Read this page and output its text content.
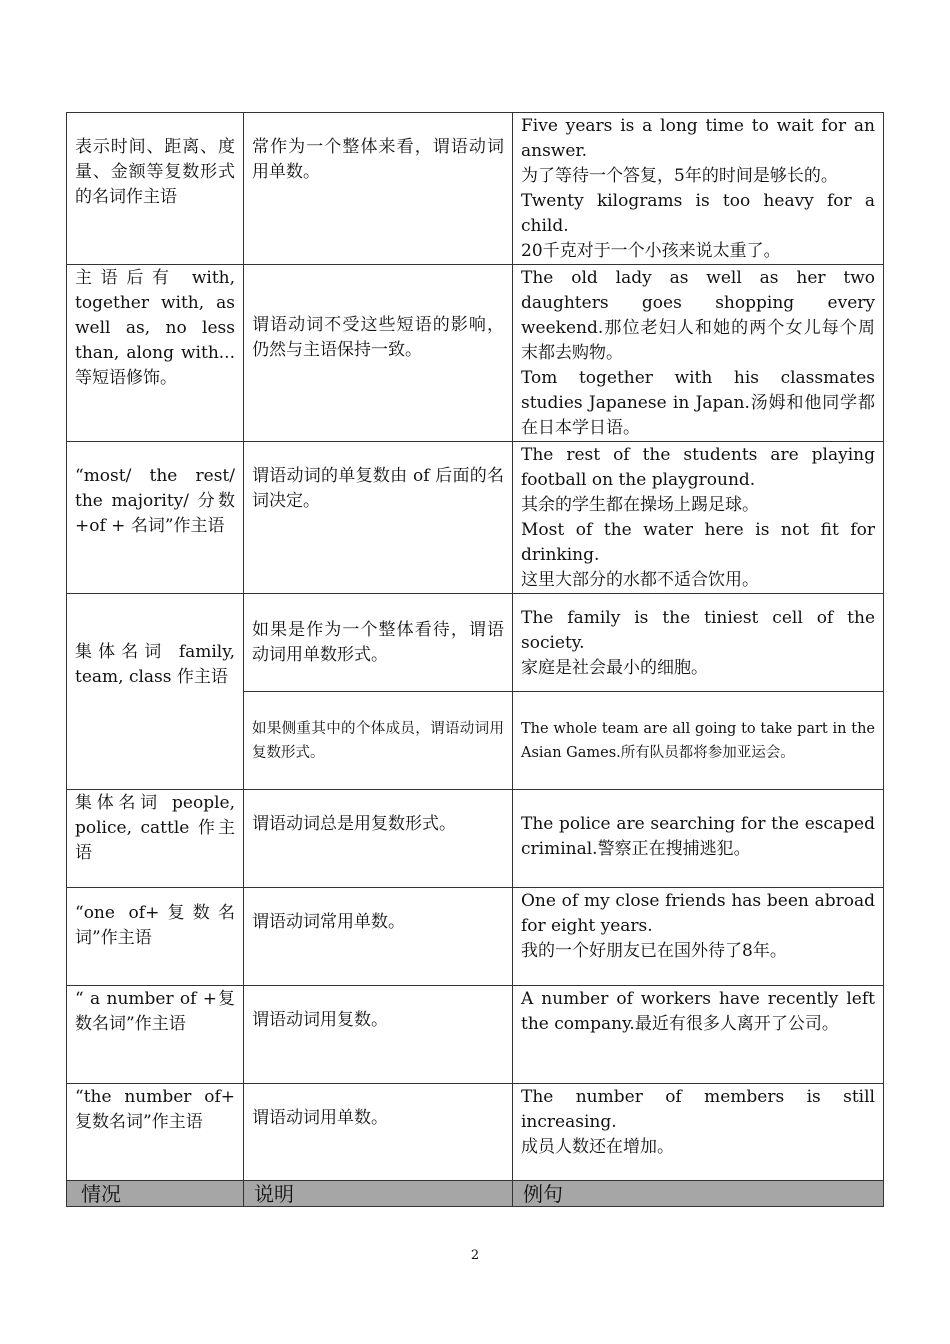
表示时间、距离、度量、金额等复数形式的名词作主语	常作为一个整体来看，谓语动词用单数。	Five years is a long time to wait for an answer.
为了等待一个答复，5年的时间是够长的。
Twenty kilograms is too heavy for a child.
20千克对于一个小孩来说太重了。

主语后有 with, together with, as well as, no less than, along with...等短语修饰。	谓语动词不受这些短语的影响，仍然与主语保持一致。	The old lady as well as her two daughters goes shopping every weekend.那位老妇人和她的两个女儿每个周末都去购物。
Tom together with his classmates studies Japanese in Japan.汤姆和他同学都在日本学日语。

“most/ the rest/ the majority/ 分数+of + 名词”作主语	谓语动词的单复数由 of 后面的名词决定。	The rest of the students are playing football on the playground.
其余的学生都在操场上踢足球。
Most of the water here is not fit for drinking.
这里大部分的水都不适合饮用。

集体名词 family, team, class 作主语	如果是作为一个整体看待，谓语动词用单数形式。	The family is the tiniest cell of the society.
家庭是社会最小的细胞。

	如果侧重其中的个体成员，谓语动词用复数形式。	The whole team are all going to take part in the Asian Games.所有队员都将参加亚运会。

集体名词 people, police, cattle 作主语	谓语动词总是用复数形式。	The police are searching for the escaped criminal.警察正在搜捕逃犯。

“one of+复数名词”作主语	谓语动词常用单数。	One of my close friends has been abroad for eight years.
我的一个好朋友已在国外待了8年。

“ a number of +复数名词”作主语	谓语动词用复数。	A number of workers have recently left the company.最近有很多人离开了公司。

“the number of+ 复数名词”作主语	谓语动词用单数。	The number of members is still increasing.
成员人数还在增加。

情况	说明	例句
2
